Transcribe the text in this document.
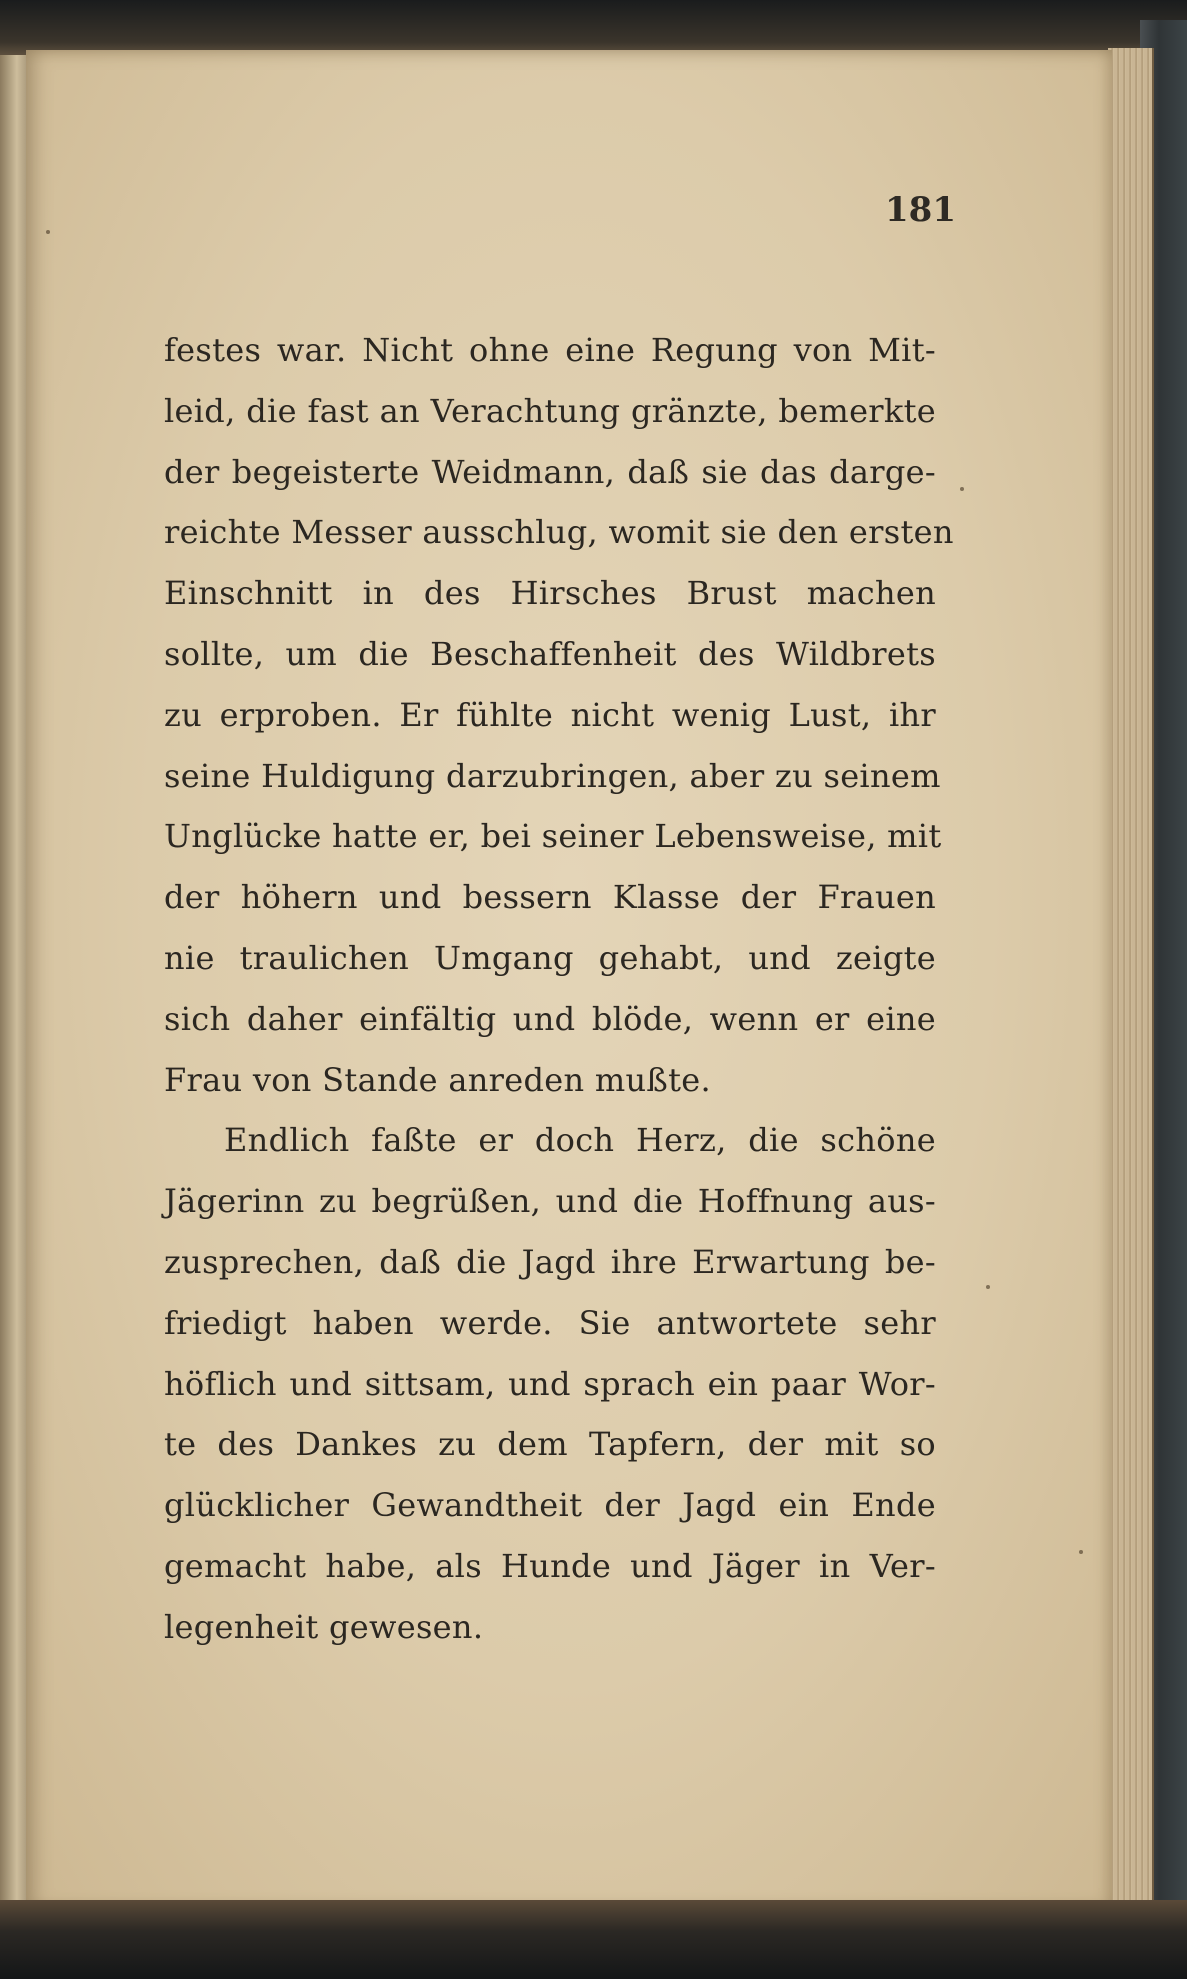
181
festes war. Nicht ohne eine Regung von Mit-
leid, die fast an Verachtung gränzte, bemerkte
der begeisterte Weidmann, daß sie das darge-
reichte Messer ausschlug, womit sie den ersten
Einschnitt in des Hirsches Brust machen
sollte, um die Beschaffenheit des Wildbrets
zu erproben. Er fühlte nicht wenig Lust, ihr
seine Huldigung darzubringen, aber zu seinem
Unglücke hatte er, bei seiner Lebensweise, mit
der höhern und bessern Klasse der Frauen
nie traulichen Umgang gehabt, und zeigte
sich daher einfältig und blöde, wenn er eine
Frau von Stande anreden mußte.
Endlich faßte er doch Herz, die schöne
Jägerinn zu begrüßen, und die Hoffnung aus-
zusprechen, daß die Jagd ihre Erwartung be-
friedigt haben werde. Sie antwortete sehr
höflich und sittsam, und sprach ein paar Wor-
te des Dankes zu dem Tapfern, der mit so
glücklicher Gewandtheit der Jagd ein Ende
gemacht habe, als Hunde und Jäger in Ver-
legenheit gewesen.
